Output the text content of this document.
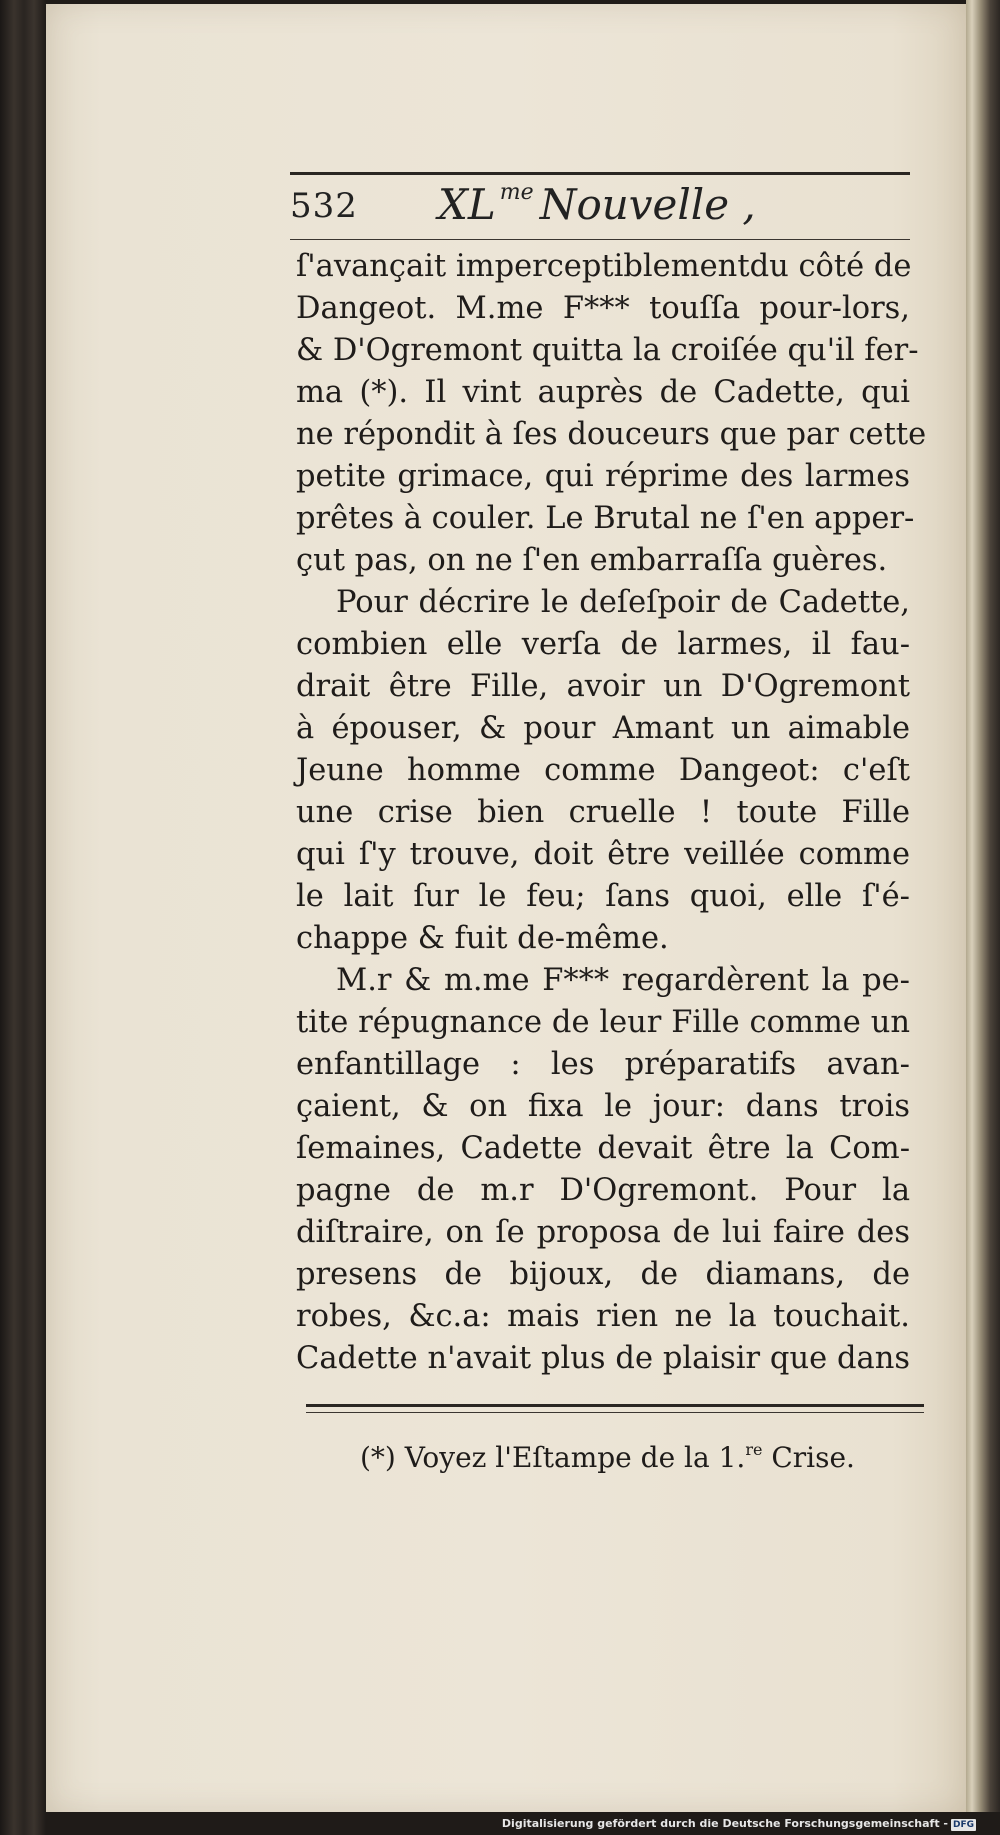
532 XL $^{me}$ Nouvelle ,
ſ'avançait imperceptiblementdu côté de
Dangeot. M.me F*** touſſa pour-lors,
& D'Ogremont quitta la croiſée qu'il fer-
ma (*). Il vint auprès de Cadette, qui
ne répondit à ſes douceurs que par cette
petite grimace, qui réprime des larmes
prêtes à couler. Le Brutal ne ſ'en apper-
çut pas, on ne ſ'en embarraſſa guères.
Pour décrire le deſeſpoir de Cadette,
combien elle verſa de larmes, il fau-
drait être Fille, avoir un D'Ogremont
à épouser, & pour Amant un aimable
Jeune homme comme Dangeot: c'eſt
une crise bien cruelle ! toute Fille
qui ſ'y trouve, doit être veillée comme
le lait ſur le feu; ſans quoi, elle ſ'é-
chappe & fuit de-même.
M.r & m.me F*** regardèrent la pe-
tite répugnance de leur Fille comme un
enfantillage : les préparatifs avan-
çaient, & on fixa le jour: dans trois
ſemaines, Cadette devait être la Com-
pagne de m.r D'Ogremont. Pour la
diſtraire, on ſe proposa de lui faire des
presens de bijoux, de diamans, de
robes, &c.a: mais rien ne la touchait.
Cadette n'avait plus de plaisir que dans
(*) Voyez l'Eſtampe de la 1.$^{re}$ Crise.
Digitalisierung gefördert durch die Deutsche Forschungsgemeinschaft - DFG
